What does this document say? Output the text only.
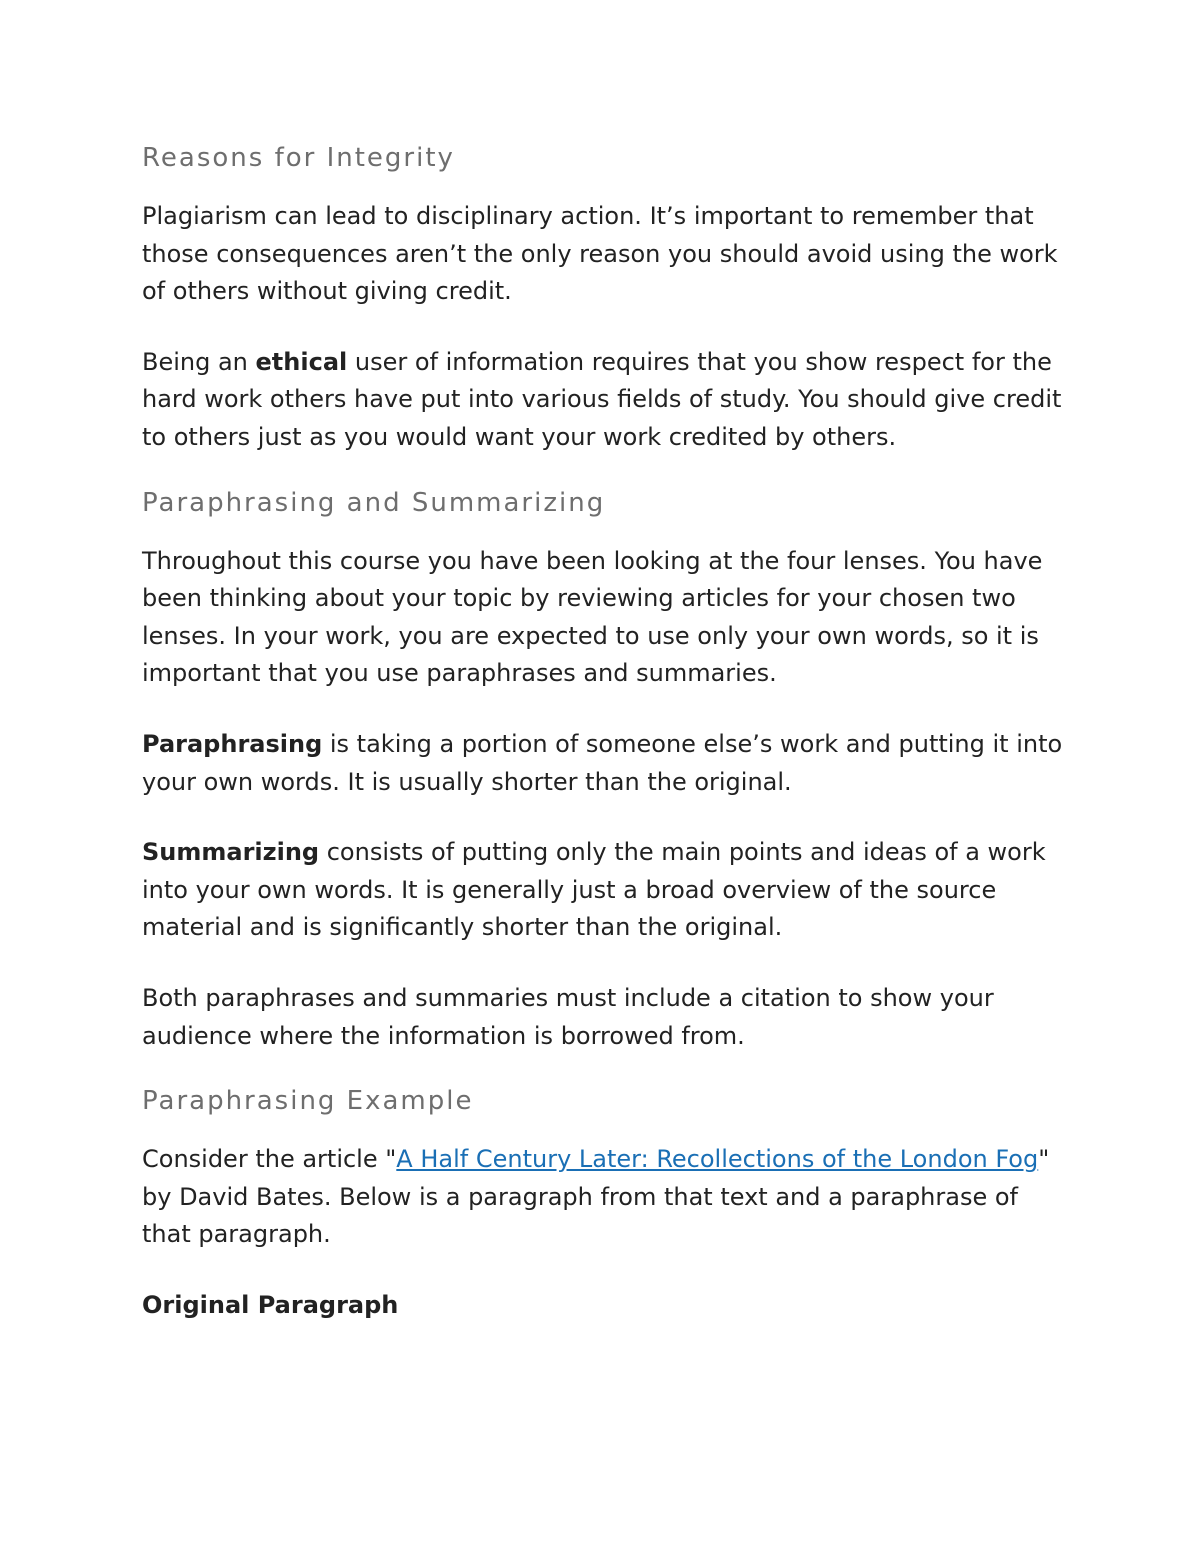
Reasons for Integrity

Plagiarism can lead to disciplinary action. It’s important to remember that those consequences aren’t the only reason you should avoid using the work of others without giving credit.

Being an ethical user of information requires that you show respect for the hard work others have put into various fields of study. You should give credit to others just as you would want your work credited by others.

Paraphrasing and Summarizing

Throughout this course you have been looking at the four lenses. You have been thinking about your topic by reviewing articles for your chosen two lenses. In your work, you are expected to use only your own words, so it is important that you use paraphrases and summaries.

Paraphrasing is taking a portion of someone else’s work and putting it into your own words. It is usually shorter than the original.

Summarizing consists of putting only the main points and ideas of a work into your own words. It is generally just a broad overview of the source material and is significantly shorter than the original.

Both paraphrases and summaries must include a citation to show your audience where the information is borrowed from.

Paraphrasing Example

Consider the article "A Half Century Later: Recollections of the London Fog" by David Bates. Below is a paragraph from that text and a paraphrase of that paragraph.

Original Paragraph
